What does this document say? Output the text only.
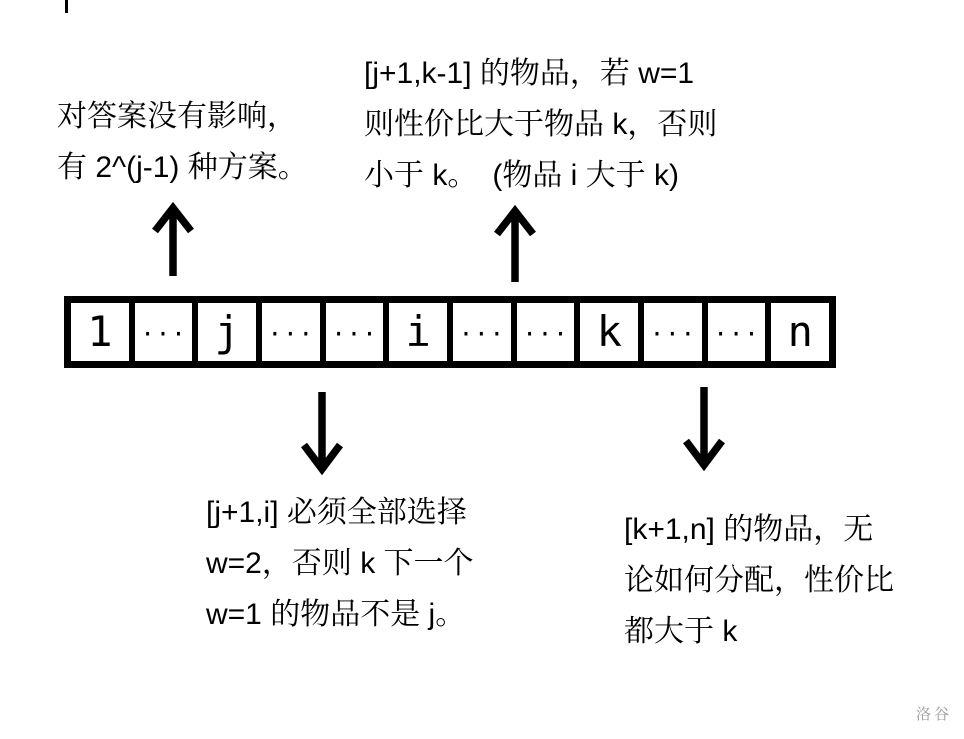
对答案没有影响，
有 2^(j-1) 种方案。
[j+1,k-1] 的物品，若 w=1
则性价比大于物品 k，否则
小于 k。　(物品 i 大于 k)
1	··· j	··· ··· i	··· ··· k	··· ··· n
[j+1,i] 必须全部选择
w=2，否则 k 下一个
w=1 的物品不是 j。
[k+1,n] 的物品，无
论如何分配，性价比
都大于 k
洛谷
